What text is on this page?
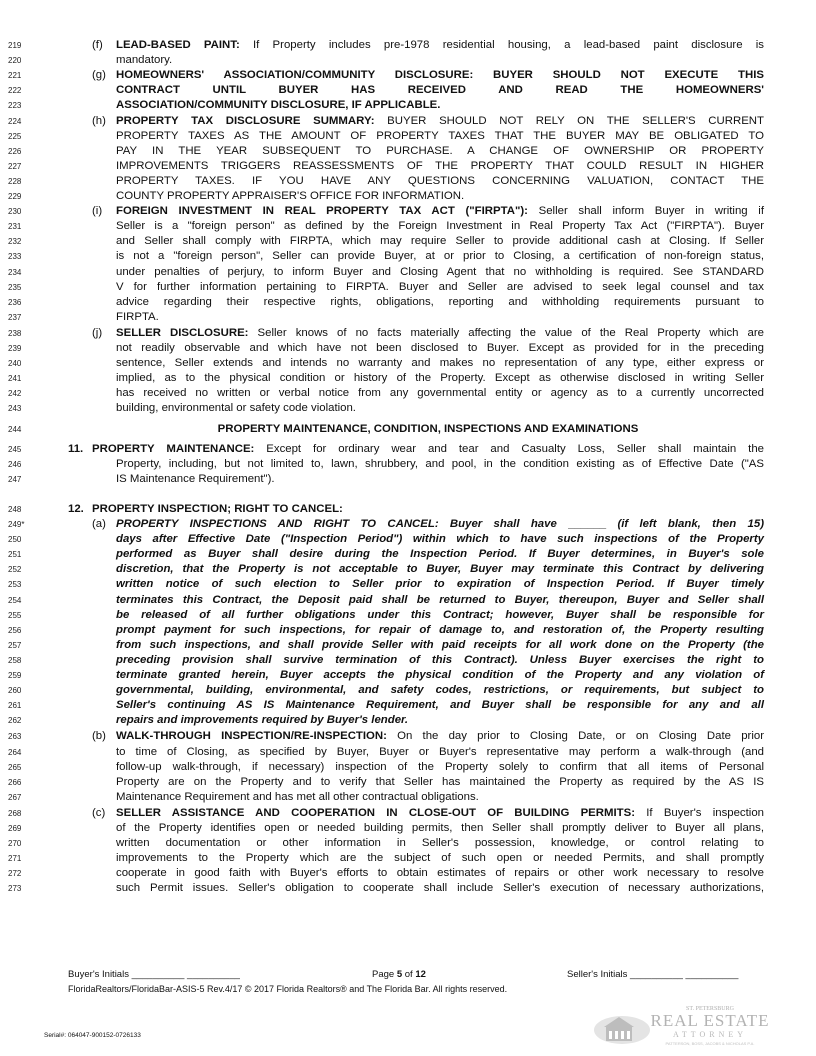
219	(f) LEAD-BASED PAINT: If Property includes pre-1978 residential housing, a lead-based paint disclosure is
220	mandatory.
221	(g) HOMEOWNERS' ASSOCIATION/COMMUNITY DISCLOSURE: BUYER SHOULD NOT EXECUTE THIS
222	CONTRACT UNTIL BUYER HAS RECEIVED AND READ THE HOMEOWNERS'
223	ASSOCIATION/COMMUNITY DISCLOSURE, IF APPLICABLE.
224	(h) PROPERTY TAX DISCLOSURE SUMMARY: BUYER SHOULD NOT RELY ON THE SELLER'S CURRENT
225	PROPERTY TAXES AS THE AMOUNT OF PROPERTY TAXES THAT THE BUYER MAY BE OBLIGATED TO
226	PAY IN THE YEAR SUBSEQUENT TO PURCHASE. A CHANGE OF OWNERSHIP OR PROPERTY
227	IMPROVEMENTS TRIGGERS REASSESSMENTS OF THE PROPERTY THAT COULD RESULT IN HIGHER
228	PROPERTY TAXES. IF YOU HAVE ANY QUESTIONS CONCERNING VALUATION, CONTACT THE
229	COUNTY PROPERTY APPRAISER'S OFFICE FOR INFORMATION.
230	(i) FOREIGN INVESTMENT IN REAL PROPERTY TAX ACT ("FIRPTA"): Seller shall inform Buyer in writing if
231	Seller is a "foreign person" as defined by the Foreign Investment in Real Property Tax Act ("FIRPTA"). Buyer
232	and Seller shall comply with FIRPTA, which may require Seller to provide additional cash at Closing. If Seller
233	is not a "foreign person", Seller can provide Buyer, at or prior to Closing, a certification of non-foreign status,
234	under penalties of perjury, to inform Buyer and Closing Agent that no withholding is required. See STANDARD
235	V for further information pertaining to FIRPTA. Buyer and Seller are advised to seek legal counsel and tax
236	advice regarding their respective rights, obligations, reporting and withholding requirements pursuant to
237	FIRPTA.
238	(j) SELLER DISCLOSURE: Seller knows of no facts materially affecting the value of the Real Property which are
239	not readily observable and which have not been disclosed to Buyer. Except as provided for in the preceding
240	sentence, Seller extends and intends no warranty and makes no representation of any type, either express or
241	implied, as to the physical condition or history of the Property. Except as otherwise disclosed in writing Seller
242	has received no written or verbal notice from any governmental entity or agency as to a currently uncorrected
243	building, environmental or safety code violation.
244	PROPERTY MAINTENANCE, CONDITION, INSPECTIONS AND EXAMINATIONS
245	11. PROPERTY MAINTENANCE: Except for ordinary wear and tear and Casualty Loss, Seller shall maintain the
246	Property, including, but not limited to, lawn, shrubbery, and pool, in the condition existing as of Effective Date ("AS
247	IS Maintenance Requirement").
248	12. PROPERTY INSPECTION; RIGHT TO CANCEL:
249*	(a) PROPERTY INSPECTIONS AND RIGHT TO CANCEL: Buyer shall have ______ (if left blank, then 15)
250	days after Effective Date ("Inspection Period") within which to have such inspections of the Property
251	performed as Buyer shall desire during the Inspection Period. If Buyer determines, in Buyer's sole
252	discretion, that the Property is not acceptable to Buyer, Buyer may terminate this Contract by delivering
253	written notice of such election to Seller prior to expiration of Inspection Period. If Buyer timely
254	terminates this Contract, the Deposit paid shall be returned to Buyer, thereupon, Buyer and Seller shall
255	be released of all further obligations under this Contract; however, Buyer shall be responsible for
256	prompt payment for such inspections, for repair of damage to, and restoration of, the Property resulting
257	from such inspections, and shall provide Seller with paid receipts for all work done on the Property (the
258	preceding provision shall survive termination of this Contract). Unless Buyer exercises the right to
259	terminate granted herein, Buyer accepts the physical condition of the Property and any violation of
260	governmental, building, environmental, and safety codes, restrictions, or requirements, but subject to
261	Seller's continuing AS IS Maintenance Requirement, and Buyer shall be responsible for any and all
262	repairs and improvements required by Buyer's lender.
263	(b) WALK-THROUGH INSPECTION/RE-INSPECTION: On the day prior to Closing Date, or on Closing Date prior
264	to time of Closing, as specified by Buyer, Buyer or Buyer's representative may perform a walk-through (and
265	follow-up walk-through, if necessary) inspection of the Property solely to confirm that all items of Personal
266	Property are on the Property and to verify that Seller has maintained the Property as required by the AS IS
267	Maintenance Requirement and has met all other contractual obligations.
268	(c) SELLER ASSISTANCE AND COOPERATION IN CLOSE-OUT OF BUILDING PERMITS: If Buyer's inspection
269	of the Property identifies open or needed building permits, then Seller shall promptly deliver to Buyer all plans,
270	written documentation or other information in Seller's possession, knowledge, or control relating to
271	improvements to the Property which are the subject of such open or needed Permits, and shall promptly
272	cooperate in good faith with Buyer's efforts to obtain estimates of repairs or other work necessary to resolve
273	such Permit issues. Seller's obligation to cooperate shall include Seller's execution of necessary authorizations,
Buyer's Initials __________ __________	Page 5 of 12	Seller's Initials __________ __________
FloridaRealtors/FloridaBar-ASIS-5 Rev.4/17 © 2017 Florida Realtors® and The Florida Bar. All rights reserved.
Serial#: 064047-900152-0726133
ST. PETERSBURG
REAL ESTATE
ATTORNEY
PATTERSON, BOSS, JACOBS & NICHOLAS P.A.
